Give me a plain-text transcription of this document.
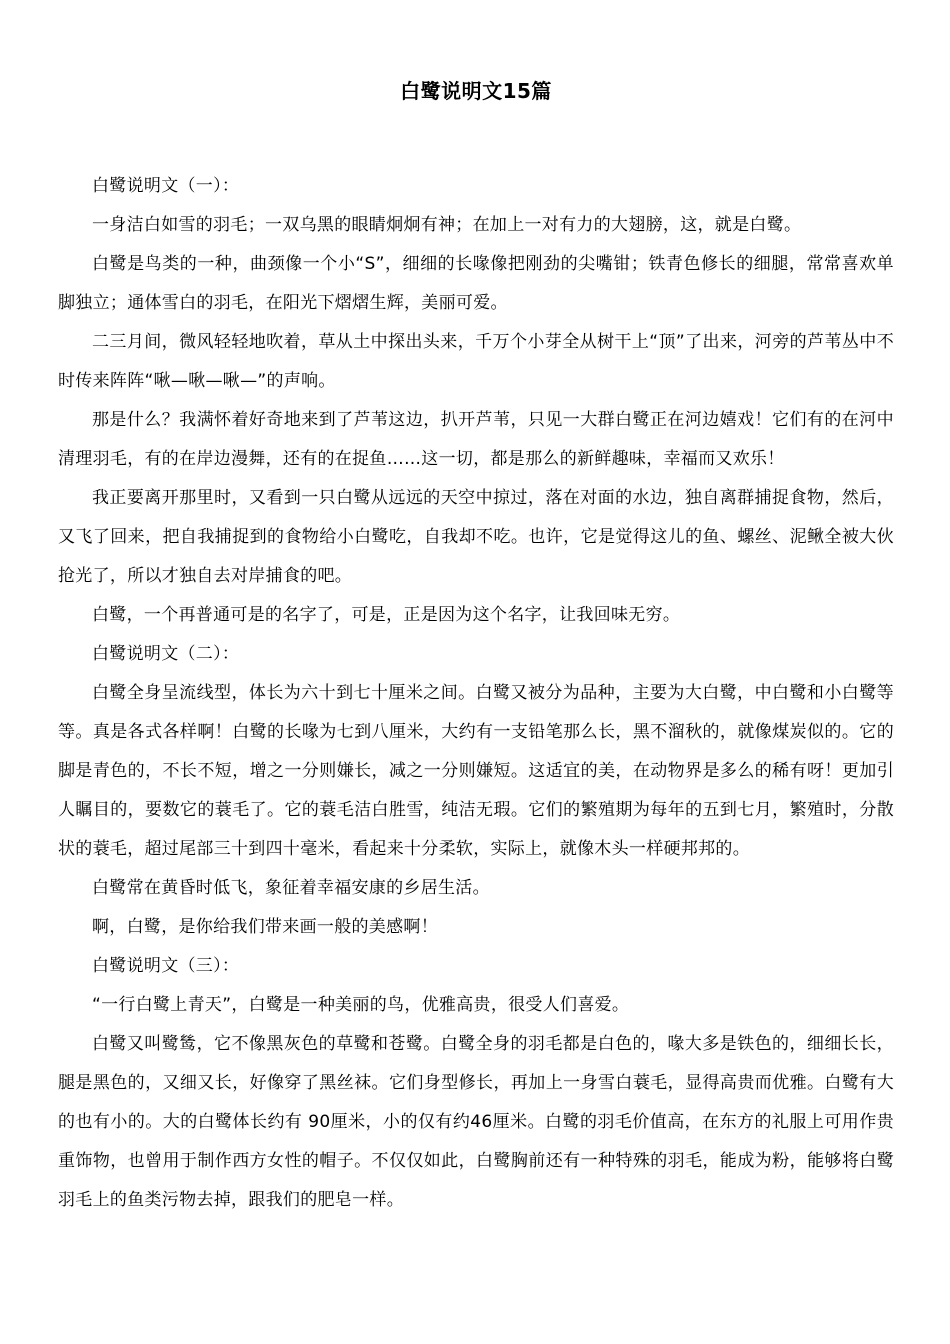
白鹭说明文15篇

白鹭说明文（一）：

一身洁白如雪的羽毛；一双乌黑的眼睛炯炯有神；在加上一对有力的大翅膀，这，就是白鹭。

白鹭是鸟类的一种，曲颈像一个小“S”，细细的长喙像把刚劲的尖嘴钳；铁青色修长的细腿，常常喜欢单脚独立；通体雪白的羽毛，在阳光下熠熠生辉，美丽可爱。

二三月间，微风轻轻地吹着，草从土中探出头来，千万个小芽全从树干上“顶”了出来，河旁的芦苇丛中不时传来阵阵“啾—啾—啾—”的声响。

那是什么？我满怀着好奇地来到了芦苇这边，扒开芦苇，只见一大群白鹭正在河边嬉戏！它们有的在河中清理羽毛，有的在岸边漫舞，还有的在捉鱼……这一切，都是那么的新鲜趣味，幸福而又欢乐！

我正要离开那里时，又看到一只白鹭从远远的天空中掠过，落在对面的水边，独自离群捕捉食物，然后，又飞了回来，把自我捕捉到的食物给小白鹭吃，自我却不吃。也许，它是觉得这儿的鱼、螺丝、泥鳅全被大伙抢光了，所以才独自去对岸捕食的吧。

白鹭，一个再普通可是的名字了，可是，正是因为这个名字，让我回味无穷。

白鹭说明文（二）：

白鹭全身呈流线型，体长为六十到七十厘米之间。白鹭又被分为品种，主要为大白鹭，中白鹭和小白鹭等等。真是各式各样啊！白鹭的长喙为七到八厘米，大约有一支铅笔那么长，黑不溜秋的，就像煤炭似的。它的脚是青色的，不长不短，增之一分则嫌长，减之一分则嫌短。这适宜的美，在动物界是多么的稀有呀！更加引人瞩目的，要数它的蓑毛了。它的蓑毛洁白胜雪，纯洁无瑕。它们的繁殖期为每年的五到七月，繁殖时，分散状的蓑毛，超过尾部三十到四十毫米，看起来十分柔软，实际上，就像木头一样硬邦邦的。

白鹭常在黄昏时低飞，象征着幸福安康的乡居生活。

啊，白鹭，是你给我们带来画一般的美感啊！

白鹭说明文（三）：

“一行白鹭上青天”，白鹭是一种美丽的鸟，优雅高贵，很受人们喜爱。

白鹭又叫鹭鸶，它不像黑灰色的草鹭和苍鹭。白鹭全身的羽毛都是白色的，喙大多是铁色的，细细长长，腿是黑色的，又细又长，好像穿了黑丝袜。它们身型修长，再加上一身雪白蓑毛，显得高贵而优雅。白鹭有大的也有小的。大的白鹭体长约有 90厘米，小的仅有约46厘米。白鹭的羽毛价值高，在东方的礼服上可用作贵重饰物，也曾用于制作西方女性的帽子。不仅仅如此，白鹭胸前还有一种特殊的羽毛，能成为粉，能够将白鹭羽毛上的鱼类污物去掉，跟我们的肥皂一样。
